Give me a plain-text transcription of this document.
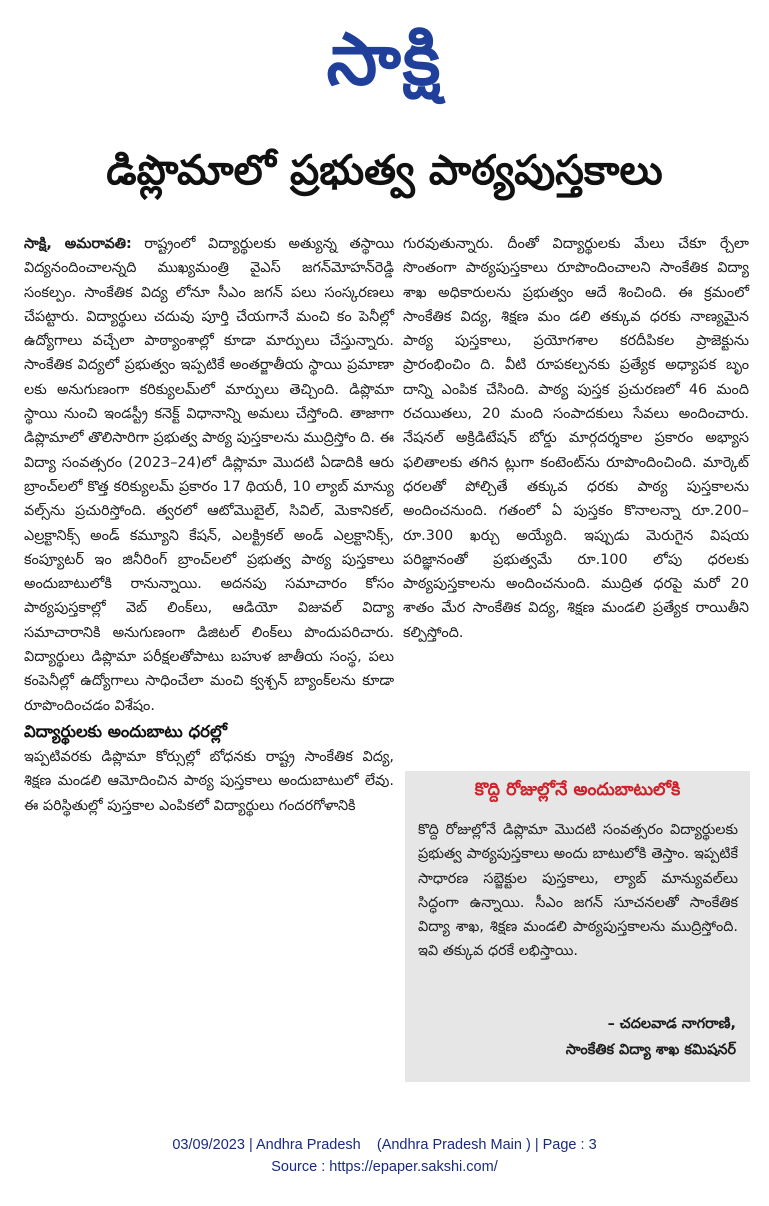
సాక్షి
డిప్లొమాలో ప్రభుత్వ పాఠ్యపుస్తకాలు

సాక్షి, అమరావతి: రాష్ట్రంలో విద్యార్థులకు అత్యున్న తస్థాయి విద్యనందించాలన్నది ముఖ్యమంత్రి వైఎస్ జగన్‌మోహన్‌రెడ్డి సంకల్పం. సాంకేతిక విద్య లోనూ సీఎం జగన్ పలు సంస్కరణలు చేపట్టారు. విద్యార్థులు చదువు పూర్తి చేయగానే మంచి కం పెనీల్లో ఉద్యోగాలు వచ్చేలా పాఠ్యాంశాల్లో కూడా మార్పులు చేస్తున్నారు. సాంకేతిక విద్యలో ప్రభుత్వం ఇప్పటికే అంతర్జాతీయ స్థాయి ప్రమాణా లకు అనుగుణంగా కరిక్యులమ్‌లో మార్పులు తెచ్చింది. డిప్లొమా స్థాయి నుంచి ఇండస్ట్రీ కనెక్ట్ విధానాన్ని అమలు చేస్తోంది. తాజాగా డిప్లొమాలో తొలిసారిగా ప్రభుత్వ పాఠ్య పుస్తకాలను ముద్రిస్తోం ది. ఈ విద్యా సంవత్సరం (2023–24)లో డిప్లొమా మొదటి ఏడాదికి ఆరు బ్రాంచ్‌లలో కొత్త కరిక్యులమ్ ప్రకారం 17 థియరీ, 10 ల్యాబ్ మాన్యు వల్స్‌ను ప్రచురిస్తోంది. త్వరలో ఆటోమొబైల్, సివిల్, మెకానికల్, ఎల్రక్టానిక్స్ అండ్ కమ్యూని కేషన్, ఎలక్ట్రికల్ అండ్ ఎల్రక్టానిక్స్, కంప్యూటర్ ఇం జినీరింగ్ బ్రాంచ్‌లలో ప్రభుత్వ పాఠ్య పుస్తకాలు అందుబాటులోకి రానున్నాయి. అదనపు సమాచారం కోసం పాఠ్యపుస్తకాల్లో వెబ్ లింక్‌లు, ఆడియో విజువల్ విద్యా సమాచారానికి అనుగుణంగా డిజిటల్ లింక్‌లు పొందుపరిచారు. విద్యార్థులు డిప్లొమా పరీక్షలతోపాటు బహుళ జాతీయ సంస్థ, పలు కంపెనీల్లో ఉద్యోగాలు సాధించేలా మంచి క్వశ్చన్ బ్యాంక్‌లను కూడా రూపొందించడం విశేషం.

విద్యార్థులకు అందుబాటు ధరల్లో

ఇప్పటివరకు డిప్లొమా కోర్సుల్లో బోధనకు రాష్ట్ర సాంకేతిక విద్య, శిక్షణ మండలి ఆమోదించిన పాఠ్య పుస్తకాలు అందుబాటులో లేవు. ఈ పరిస్థితుల్లో పుస్తకాల ఎంపికలో విద్యార్థులు గందరగోళానికి

గురవుతున్నారు. దీంతో విద్యార్థులకు మేలు చేకూ ర్చేలా సొంతంగా పాఠ్యపుస్తకాలు రూపొందించాలని సాంకేతిక విద్యా శాఖ అధికారులను ప్రభుత్వం ఆదే శించింది. ఈ క్రమంలో సాంకేతిక విద్య, శిక్షణ మం డలి తక్కువ ధరకు నాణ్యమైన పాఠ్య పుస్తకాలు, ప్రయోగశాల కరదీపికల ప్రాజెక్టును ప్రారంభించిం ది. వీటి రూపకల్పనకు ప్రత్యేక అధ్యాపక బృం దాన్ని ఎంపిక చేసింది. పాఠ్య పుస్తక ప్రచురణలో 46 మంది రచయితలు, 20 మంది సంపాదకులు సేవలు అందించారు. నేషనల్ అక్రిడిటేషన్ బోర్డు మార్గదర్శకాల ప్రకారం అభ్యాస ఫలితాలకు తగిన ట్లుగా కంటెంట్‌ను రూపొందించింది. మార్కెట్ ధరలతో పోల్చితే తక్కువ ధరకు పాఠ్య పుస్తకాలను అందించనుంది. గతంలో ఏ పుస్తకం కొనాలన్నా రూ.200–రూ.300 ఖర్చు అయ్యేది. ఇప్పుడు మెరుగైన విషయ పరిజ్ఞానంతో ప్రభుత్వమే రూ.100 లోపు ధరలకు పాఠ్యపుస్తకాలను అందించనుంది. ముద్రిత ధరపై మరో 20 శాతం మేర సాంకేతిక విద్య, శిక్షణ మండలి ప్రత్యేక రాయితీని కల్పిస్తోంది.

కొద్ది రోజుల్లోనే అందుబాటులోకి

కొద్ది రోజుల్లోనే డిప్లొమా మొదటి సంవత్సరం విద్యార్థులకు ప్రభుత్వ పాఠ్యపుస్తకాలు అందు బాటులోకి తెస్తాం. ఇప్పటికే సాధారణ సబ్జెక్టుల పుస్తకాలు, ల్యాబ్ మాన్యువల్‌లు సిద్ధంగా ఉన్నాయి. సీఎం జగన్ సూచనలతో సాంకేతిక విద్యా శాఖ, శిక్షణ మండలి పాఠ్యపుస్తకాలను ముద్రిస్తోంది. ఇవి తక్కువ ధరకే లభిస్తాయి.

– చదలవాడ నాగరాణి,
సాంకేతిక విద్యా శాఖ కమిషనర్
03/09/2023 | Andhra Pradesh    (Andhra Pradesh Main ) | Page : 3
Source : https://epaper.sakshi.com/
